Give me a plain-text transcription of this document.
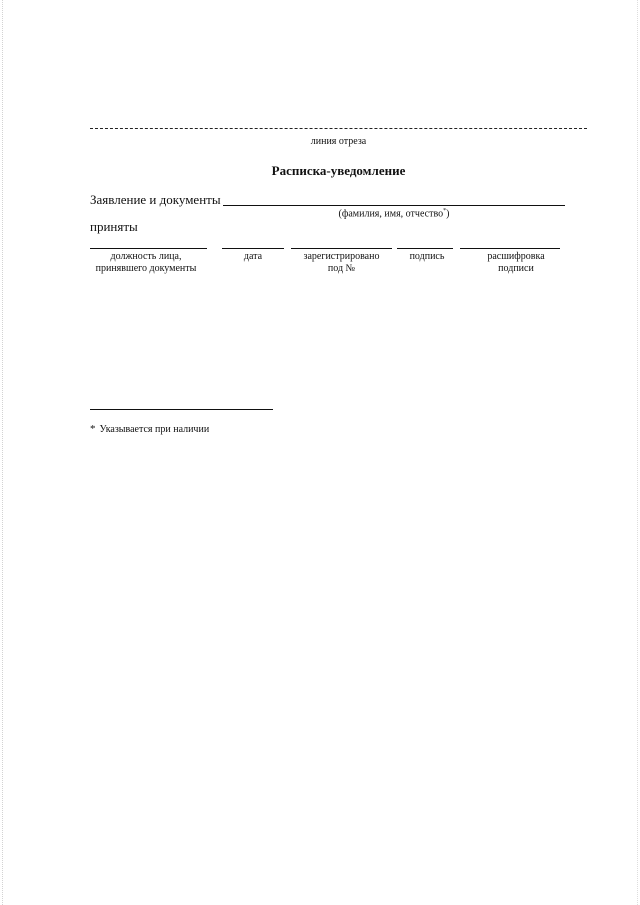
линия отреза
Расписка-уведомление
Заявление и документы
(фамилия, имя, отчество*)
приняты
должность лица,
принявшего документы
дата	зарегистрировано
под №
подпись	расшифровка
подписи
* Указывается при наличии
